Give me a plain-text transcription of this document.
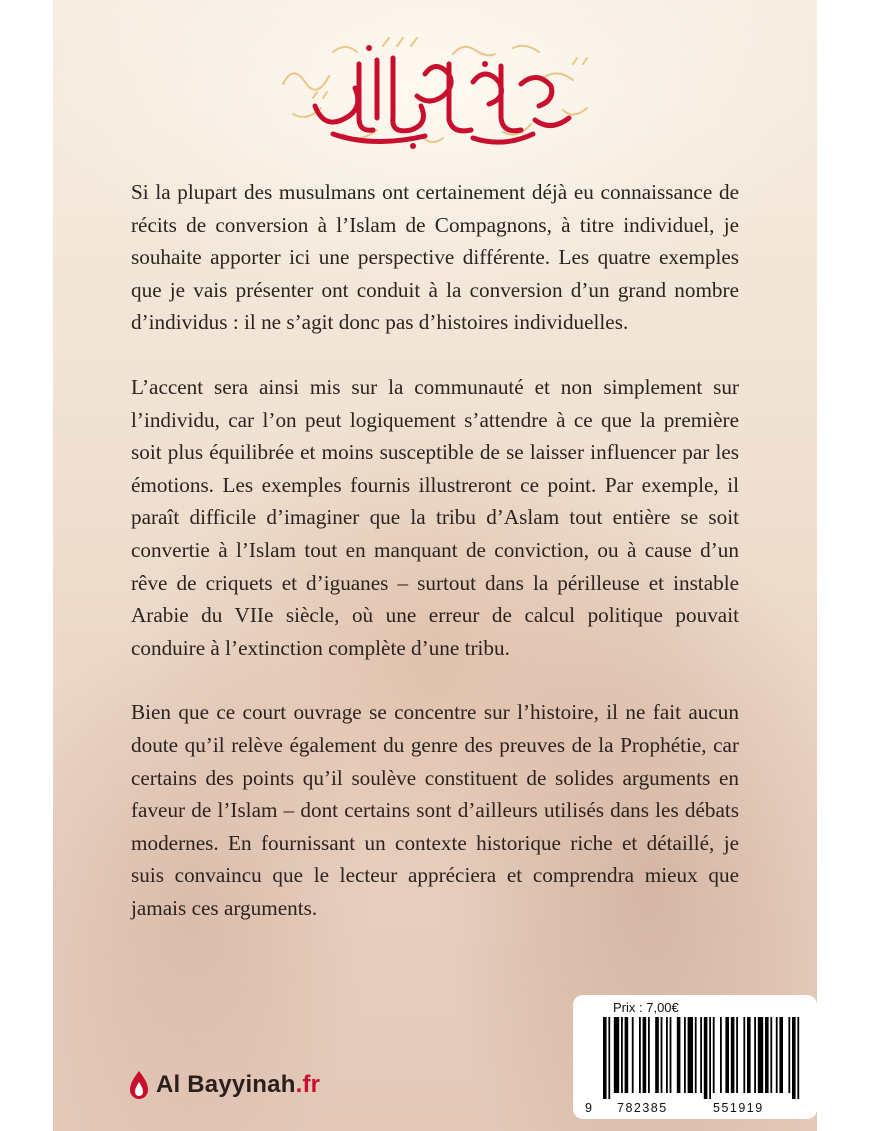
Si la plupart des musulmans ont certainement déjà eu connaissance de récits de conversion à l’Islam de Compagnons, à titre individuel, je souhaite apporter ici une perspective différente. Les quatre exemples que je vais présenter ont conduit à la conversion d’un grand nombre d’individus : il ne s’agit donc pas d’histoires individuelles.

L’accent sera ainsi mis sur la communauté et non simplement sur l’individu, car l’on peut logiquement s’attendre à ce que la première soit plus équilibrée et moins susceptible de se laisser influencer par les émotions. Les exemples fournis illustreront ce point. Par exemple, il paraît difficile d’imaginer que la tribu d’Aslam tout entière se soit convertie à l’Islam tout en manquant de conviction, ou à cause d’un rêve de criquets et d’iguanes – surtout dans la périlleuse et instable Arabie du VIIe siècle, où une erreur de calcul politique pouvait conduire à l’extinction complète d’une tribu.

Bien que ce court ouvrage se concentre sur l’histoire, il ne fait aucun doute qu’il relève également du genre des preuves de la Prophétie, car certains des points qu’il soulève constituent de solides arguments en faveur de l’Islam – dont certains sont d’ailleurs utilisés dans les débats modernes. En fournissant un contexte historique riche et détaillé, je suis convaincu que le lecteur appréciera et comprendra mieux que jamais ces arguments.

Al Bayyinah.fr
Prix : 7,00€
9 782385	551919
